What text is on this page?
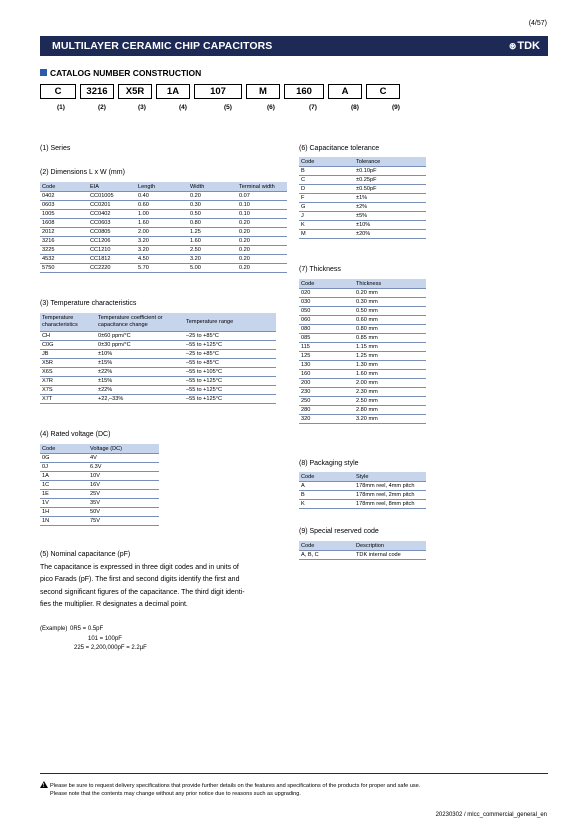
(4/57)
MULTILAYER CERAMIC CHIP CAPACITORS	⊛TDK
CATALOG NUMBER CONSTRUCTION
C	3216	X5R	1A	107	M	160	A	C
(1)	(2)	(3)	(4)	(5)	(6)	(7)	(8)	(9)
(1) Series
(2) Dimensions L x W (mm)
Code	EIA	Length	Width	Terminal width
0402	CC01005	0.40	0.20	0.07
0603	CC0201	0.60	0.30	0.10
1005	CC0402	1.00	0.50	0.10
1608	CC0603	1.60	0.80	0.20
2012	CC0805	2.00	1.25	0.20
3216	CC1206	3.20	1.60	0.20
3225	CC1210	3.20	2.50	0.20
4532	CC1812	4.50	3.20	0.20
5750	CC2220	5.70	5.00	0.20
(3) Temperature characteristics
Temperature characteristics	Temperature coefficient or capacitance change	Temperature range
CH	0±60 ppm/°C	–25 to +85°C
C0G	0±30 ppm/°C	–55 to +125°C
JB	±10%	–25 to +85°C
X5R	±15%	–55 to +85°C
X6S	±22%	–55 to +105°C
X7R	±15%	–55 to +125°C
X7S	±22%	–55 to +125°C
X7T	+22,–33%	–55 to +125°C
(4) Rated voltage (DC)
Code	Voltage (DC)
0G	4V
0J	6.3V
1A	10V
1C	16V
1E	25V
1V	35V
1H	50V
1N	75V
(5) Nominal capacitance (pF)
The capacitance is expressed in three digit codes and in units of
pico Farads (pF). The first and second digits identify the first and
second significant figures of the capacitance. The third digit identi-
fies the multiplier. R designates a decimal point.
(Example) 0R5 = 0.5pF
101 = 100pF
225 = 2,200,000pF = 2.2µF
(6) Capacitance tolerance
Code	Tolerance
B	±0.10pF
C	±0.25pF
D	±0.50pF
F	±1%
G	±2%
J	±5%
K	±10%
M	±20%
(7) Thickness
Code	Thickness
020	0.20 mm
030	0.30 mm
050	0.50 mm
060	0.60 mm
080	0.80 mm
085	0.85 mm
115	1.15 mm
125	1.25 mm
130	1.30 mm
160	1.60 mm
200	2.00 mm
230	2.30 mm
250	2.50 mm
280	2.80 mm
320	3.20 mm
(8) Packaging style
Code	Style
A	178mm reel, 4mm pitch
B	178mm reel, 2mm pitch
K	178mm reel, 8mm pitch
(9) Special reserved code
Code	Description
A, B, C	TDK internal code
!Please be sure to request delivery specifications that provide further details on the features and specifications of the products for proper and safe use.
Please note that the contents may change without any prior notice due to reasons such as upgrading.
20230302 / mlcc_commercial_general_en
